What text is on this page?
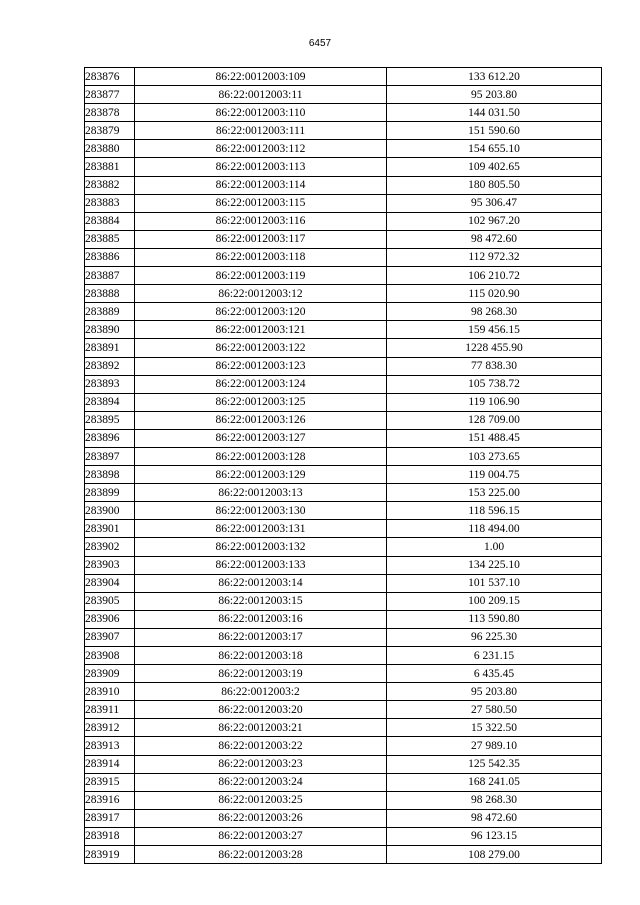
6457
283876	86:22:0012003:109	133 612.20
283877	86:22:0012003:11	95 203.80
283878	86:22:0012003:110	144 031.50
283879	86:22:0012003:111	151 590.60
283880	86:22:0012003:112	154 655.10
283881	86:22:0012003:113	109 402.65
283882	86:22:0012003:114	180 805.50
283883	86:22:0012003:115	95 306.47
283884	86:22:0012003:116	102 967.20
283885	86:22:0012003:117	98 472.60
283886	86:22:0012003:118	112 972.32
283887	86:22:0012003:119	106 210.72
283888	86:22:0012003:12	115 020.90
283889	86:22:0012003:120	98 268.30
283890	86:22:0012003:121	159 456.15
283891	86:22:0012003:122	1228 455.90
283892	86:22:0012003:123	77 838.30
283893	86:22:0012003:124	105 738.72
283894	86:22:0012003:125	119 106.90
283895	86:22:0012003:126	128 709.00
283896	86:22:0012003:127	151 488.45
283897	86:22:0012003:128	103 273.65
283898	86:22:0012003:129	119 004.75
283899	86:22:0012003:13	153 225.00
283900	86:22:0012003:130	118 596.15
283901	86:22:0012003:131	118 494.00
283902	86:22:0012003:132	1.00
283903	86:22:0012003:133	134 225.10
283904	86:22:0012003:14	101 537.10
283905	86:22:0012003:15	100 209.15
283906	86:22:0012003:16	113 590.80
283907	86:22:0012003:17	96 225.30
283908	86:22:0012003:18	6 231.15
283909	86:22:0012003:19	6 435.45
283910	86:22:0012003:2	95 203.80
283911	86:22:0012003:20	27 580.50
283912	86:22:0012003:21	15 322.50
283913	86:22:0012003:22	27 989.10
283914	86:22:0012003:23	125 542.35
283915	86:22:0012003:24	168 241.05
283916	86:22:0012003:25	98 268.30
283917	86:22:0012003:26	98 472.60
283918	86:22:0012003:27	96 123.15
283919	86:22:0012003:28	108 279.00
